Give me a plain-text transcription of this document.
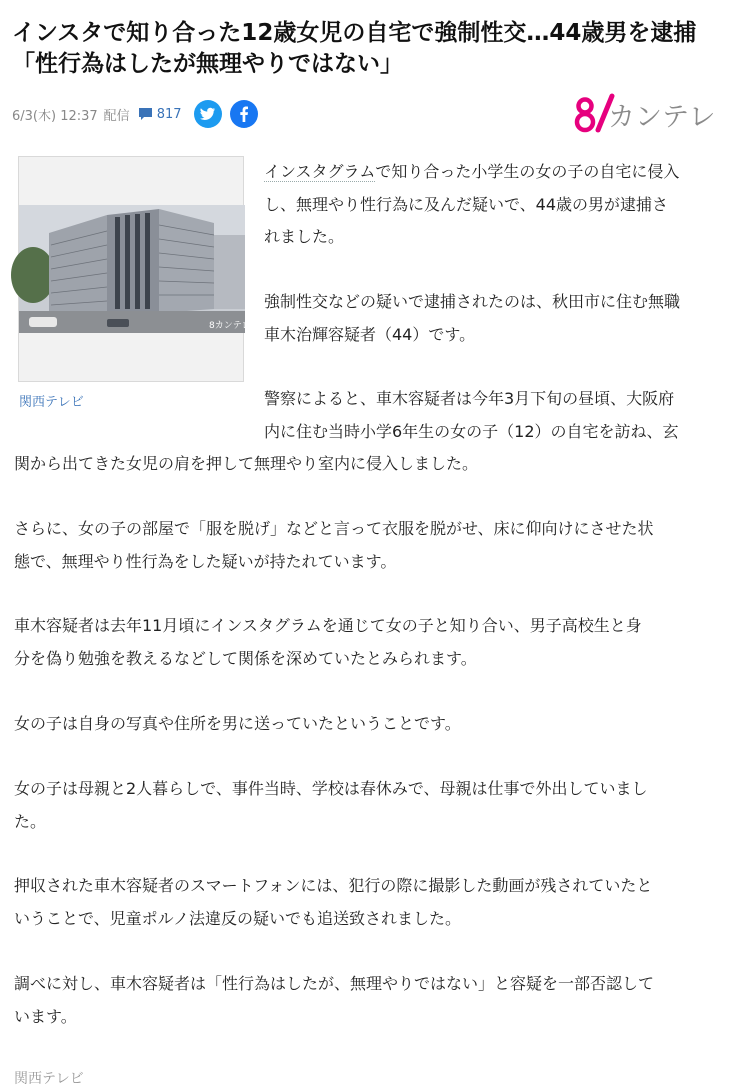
インスタで知り合った12歳女児の自宅で強制性交…44歳男を逮捕
「性行為はしたが無理やりではない」
6/3(木) 12:37 配信 817	カンテレ
8カンテレ
関西テレビ

インスタグラムで知り合った小学生の女の子の自宅に侵入
し、無理やり性行為に及んだ疑いで、44歳の男が逮捕さ
れました。

強制性交などの疑いで逮捕されたのは、秋田市に住む無職
車木治輝容疑者（44）です。

警察によると、車木容疑者は今年3月下旬の昼頃、大阪府
内に住む当時小学6年生の女の子（12）の自宅を訪ね、玄
関から出てきた女児の肩を押して無理やり室内に侵入しました。

さらに、女の子の部屋で「服を脱げ」などと言って衣服を脱がせ、床に仰向けにさせた状
態で、無理やり性行為をした疑いが持たれています。

車木容疑者は去年11月頃にインスタグラムを通じて女の子と知り合い、男子高校生と身
分を偽り勉強を教えるなどして関係を深めていたとみられます。

女の子は自身の写真や住所を男に送っていたということです。

女の子は母親と2人暮らしで、事件当時、学校は春休みで、母親は仕事で外出していまし
た。

押収された車木容疑者のスマートフォンには、犯行の際に撮影した動画が残されていたと
いうことで、児童ポルノ法違反の疑いでも追送致されました。

調べに対し、車木容疑者は「性行為はしたが、無理やりではない」と容疑を一部否認して
います。

関西テレビ
